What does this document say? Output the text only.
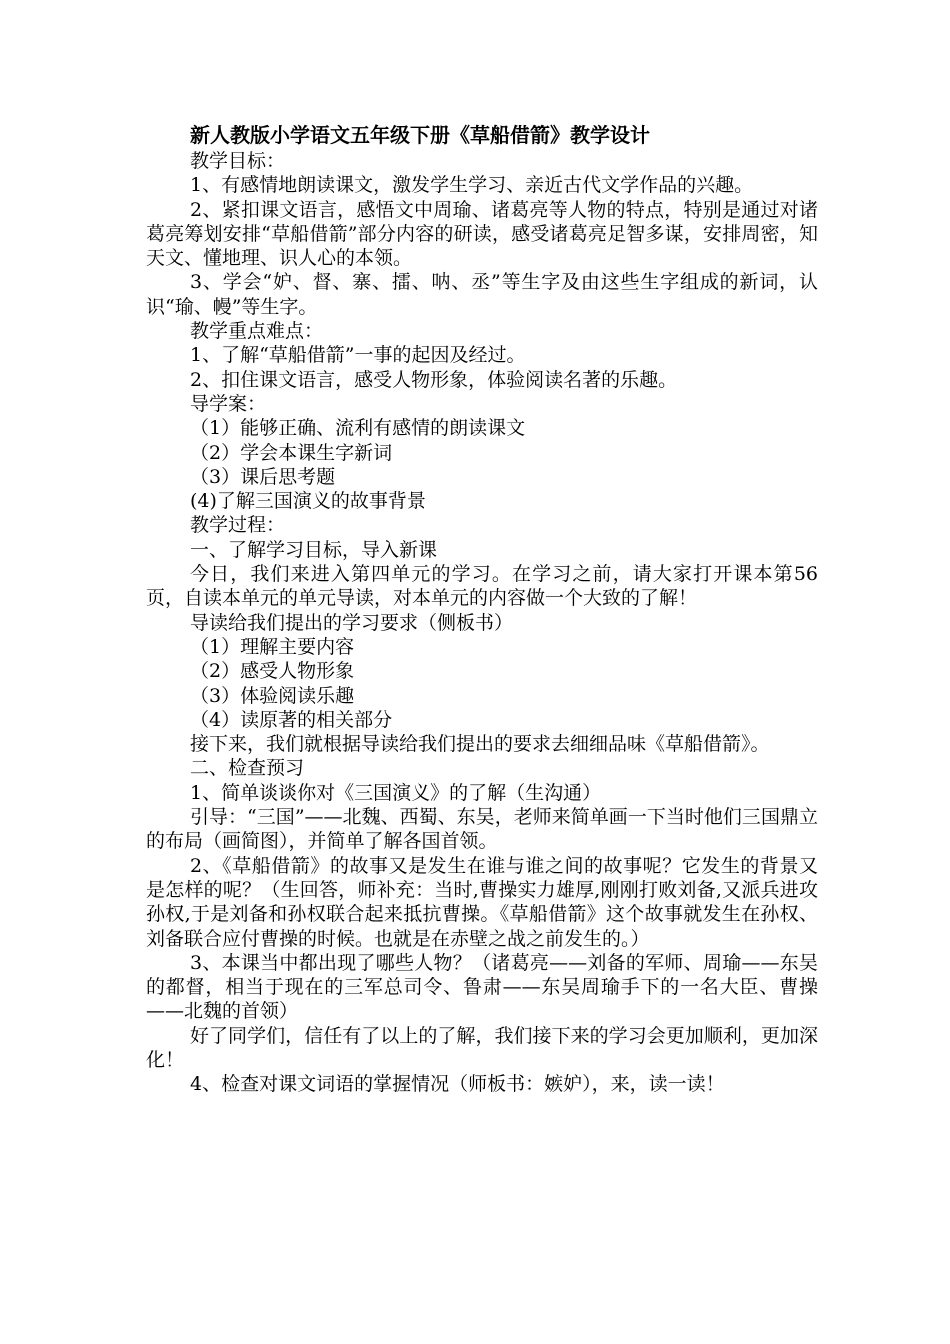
新人教版小学语文五年级下册《草船借箭》教学设计

教学目标：

1、有感情地朗读课文，激发学生学习、亲近古代文学作品的兴趣。

2、紧扣课文语言，感悟文中周瑜、诸葛亮等人物的特点，特别是通过对诸葛亮筹划安排“草船借箭”部分内容的研读，感受诸葛亮足智多谋，安排周密，知天文、懂地理、识人心的本领。

3、学会“妒、督、寨、擂、呐、丞”等生字及由这些生字组成的新词，认识“瑜、幔”等生字。

教学重点难点：

1、了解“草船借箭”一事的起因及经过。

2、扣住课文语言，感受人物形象，体验阅读名著的乐趣。

导学案：

（1）能够正确、流利有感情的朗读课文

（2）学会本课生字新词

（3）课后思考题

(4)了解三国演义的故事背景

教学过程：

一、了解学习目标，导入新课

今日，我们来进入第四单元的学习。在学习之前，请大家打开课本第56页，自读本单元的单元导读，对本单元的内容做一个大致的了解！

导读给我们提出的学习要求（侧板书）

（1）理解主要内容

（2）感受人物形象

（3）体验阅读乐趣

（4）读原著的相关部分

接下来，我们就根据导读给我们提出的要求去细细品味《草船借箭》。

二、检查预习

1、简单谈谈你对《三国演义》的了解（生沟通）

引导：“三国”——北魏、西蜀、东吴，老师来简单画一下当时他们三国鼎立的布局（画简图），并简单了解各国首领。

2、《草船借箭》的故事又是发生在谁与谁之间的故事呢？它发生的背景又是怎样的呢？（生回答，师补充：当时,曹操实力雄厚,刚刚打败刘备,又派兵进攻孙权,于是刘备和孙权联合起来抵抗曹操。《草船借箭》这个故事就发生在孙权、刘备联合应付曹操的时候。也就是在赤壁之战之前发生的。）

3、本课当中都出现了哪些人物？（诸葛亮——刘备的军师、周瑜——东吴的都督，相当于现在的三军总司令、鲁肃——东吴周瑜手下的一名大臣、曹操——北魏的首领）

好了同学们，信任有了以上的了解，我们接下来的学习会更加顺利，更加深化！

4、检查对课文词语的掌握情况（师板书：嫉妒），来，读一读！
